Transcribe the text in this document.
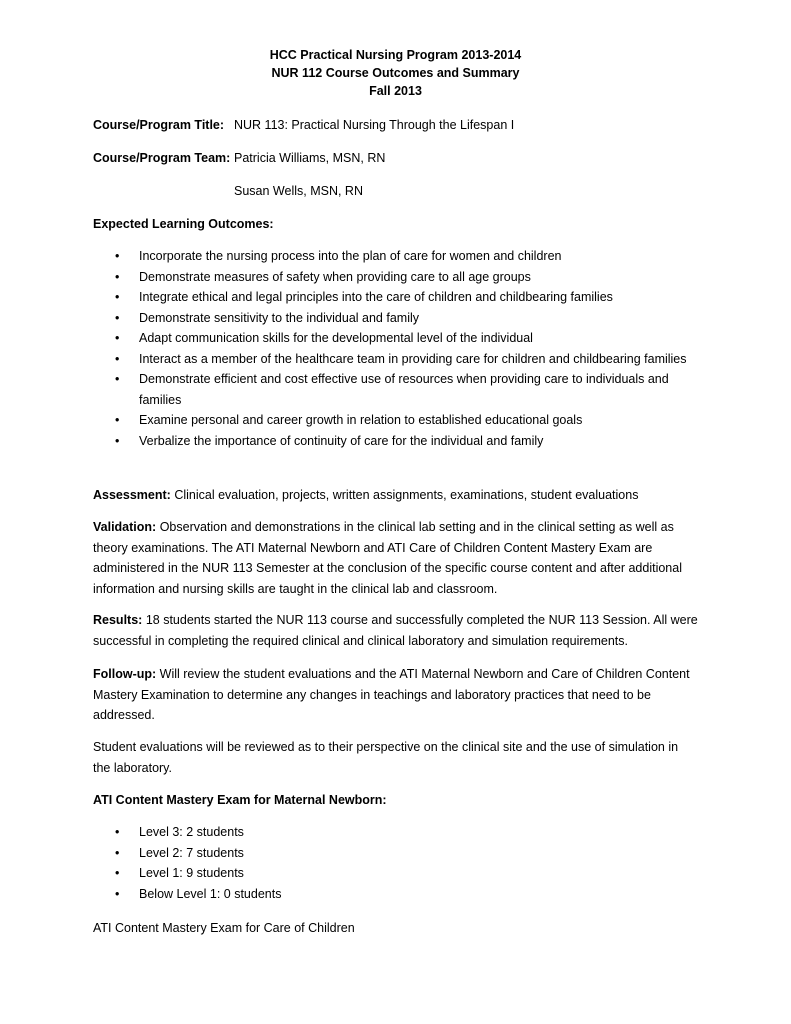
HCC Practical Nursing Program 2013-2014
NUR 112 Course Outcomes and Summary
Fall 2013
Course/Program Title: NUR 113: Practical Nursing Through the Lifespan I
Course/Program Team: Patricia Williams, MSN, RN
Susan Wells, MSN, RN
Expected Learning Outcomes:
• Incorporate the nursing process into the plan of care for women and children
• Demonstrate measures of safety when providing care to all age groups
• Integrate ethical and legal principles into the care of children and childbearing families
• Demonstrate sensitivity to the individual and family
• Adapt communication skills for the developmental level of the individual
• Interact as a member of the healthcare team in providing care for children and childbearing families
• Demonstrate efficient and cost effective use of resources when providing care to individuals and families
• Examine personal and career growth in relation to established educational goals
• Verbalize the importance of continuity of care for the individual and family
Assessment: Clinical evaluation, projects, written assignments, examinations, student evaluations
Validation: Observation and demonstrations in the clinical lab setting and in the clinical setting as well as theory examinations. The ATI Maternal Newborn and ATI Care of Children Content Mastery Exam are administered in the NUR 113 Semester at the conclusion of the specific course content and after additional information and nursing skills are taught in the clinical lab and classroom.
Results: 18 students started the NUR 113 course and successfully completed the NUR 113 Session. All were successful in completing the required clinical and clinical laboratory and simulation requirements.
Follow-up: Will review the student evaluations and the ATI Maternal Newborn and Care of Children Content Mastery Examination to determine any changes in teachings and laboratory practices that need to be addressed.
Student evaluations will be reviewed as to their perspective on the clinical site and the use of simulation in the laboratory.
ATI Content Mastery Exam for Maternal Newborn:
• Level 3: 2 students
• Level 2: 7 students
• Level 1: 9 students
• Below Level 1: 0 students
ATI Content Mastery Exam for Care of Children
